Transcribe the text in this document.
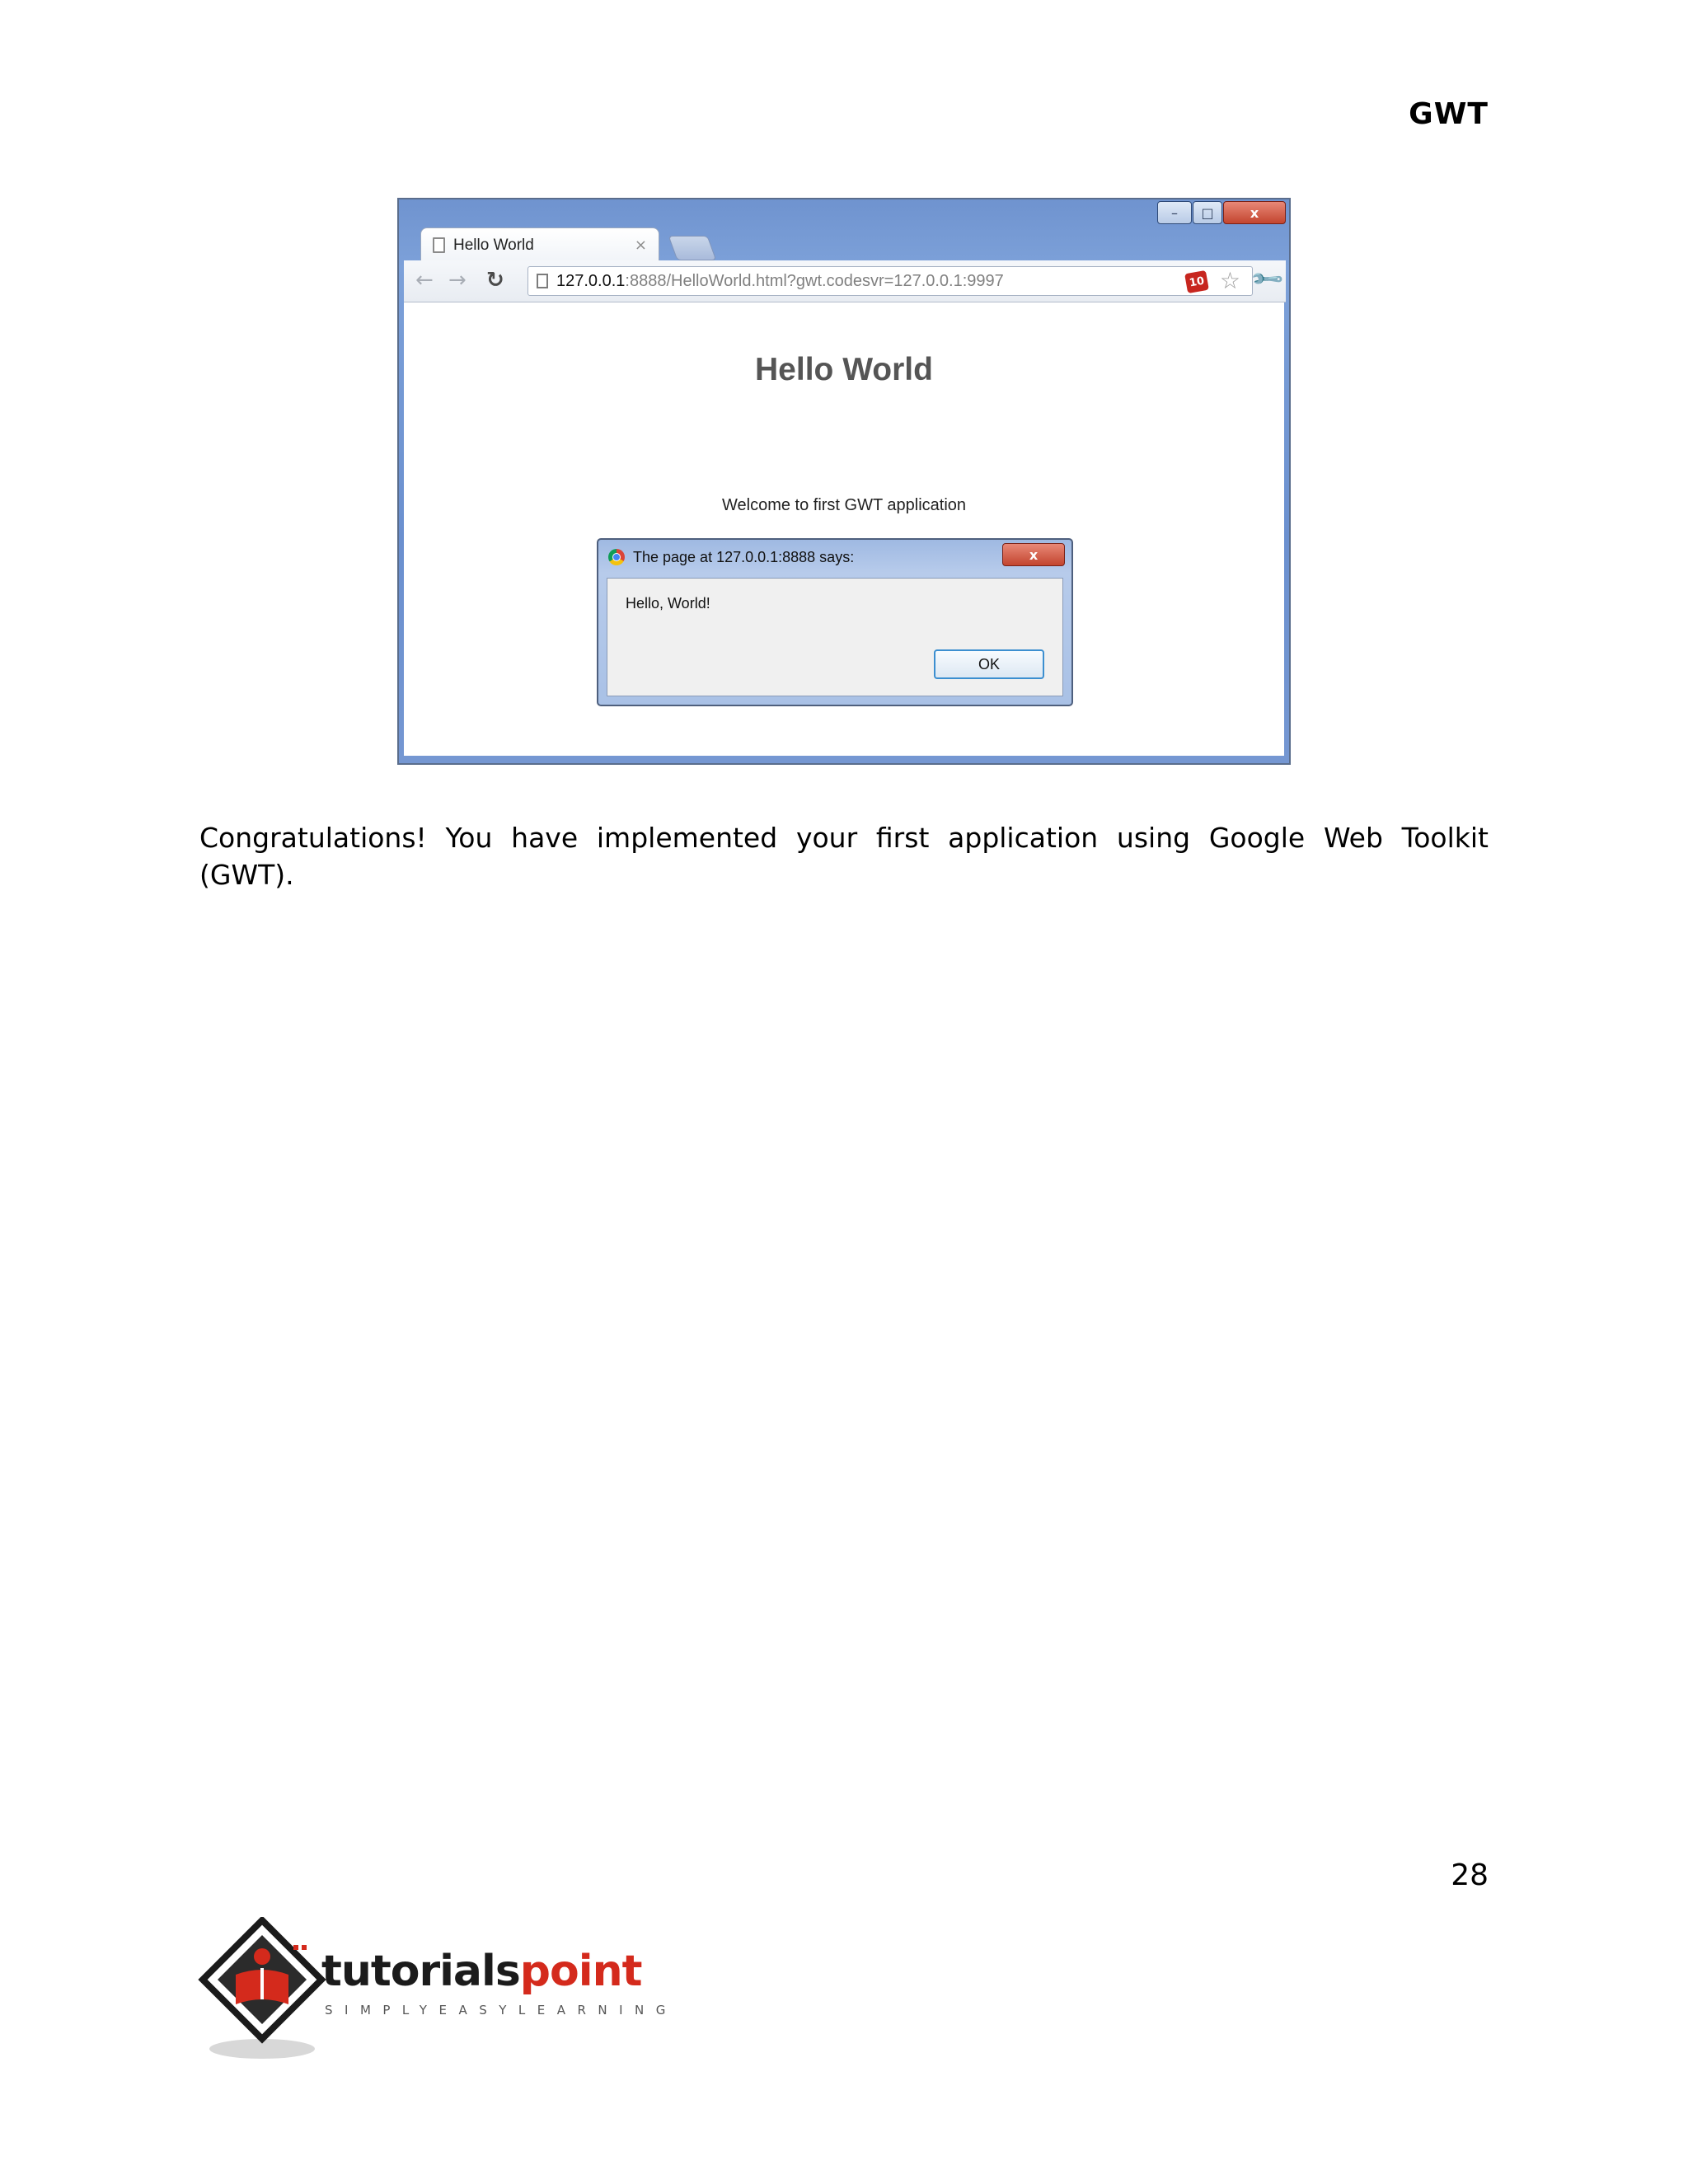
GWT
–	□	x
Hello World	×
← → ↻	127.0.0.1 :8888/HelloWorld.html?gwt.codesvr=127.0.0.1:9997	10 ☆ 🔧
Hello World
Welcome to first GWT application
The page at 127.0.0.1:8888 says:	x
Hello, World!
OK

Congratulations! You have implemented your first application using Google Web Toolkit (GWT).

28
tutorialspoint
SIMPLYEASYLEARNING
